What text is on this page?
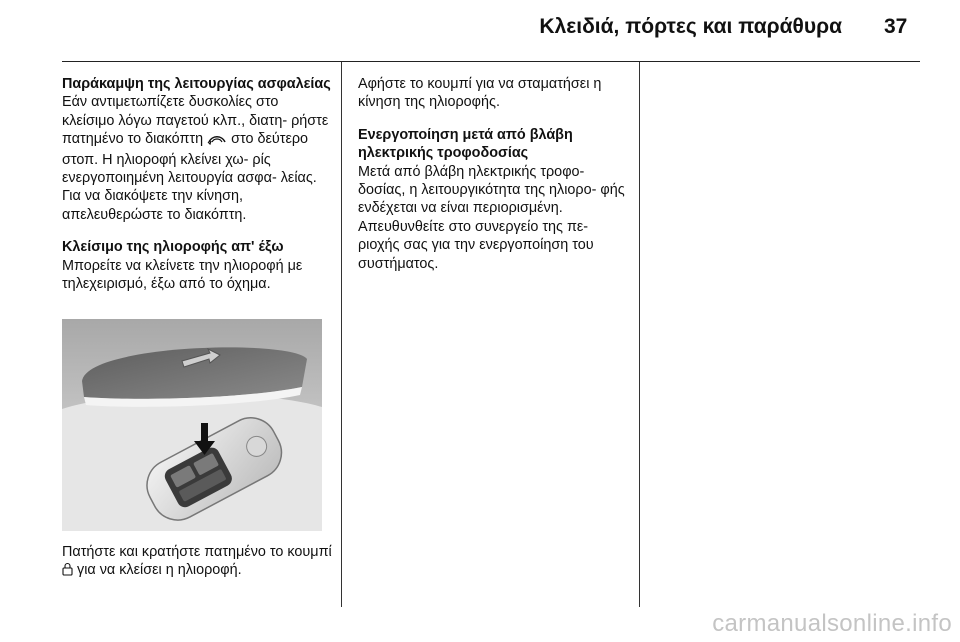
Κλειδιά, πόρτες και παράθυρα 37

Παράκαμψη της λειτουργίας ασφαλείας

Εάν αντιμετωπίζετε δυσκολίες στο κλείσιμο λόγω παγετού κλπ., διατη- ρήστε πατημένο το διακόπτη στο δεύτερο στοπ. Η ηλιοροφή κλείνει χω- ρίς ενεργοποιημένη λειτουργία ασφα- λείας. Για να διακόψετε την κίνηση, απελευθερώστε το διακόπτη.

Κλείσιμο της ηλιοροφής απ' έξω

Μπορείτε να κλείνετε την ηλιοροφή με τηλεχειρισμό, έξω από το όχημα.

Πατήστε και κρατήστε πατημένο το κουμπί  για να κλείσει η ηλιοροφή.

Αφήστε το κουμπί για να σταματήσει η κίνηση της ηλιοροφής.

Ενεργοποίηση μετά από βλάβη ηλεκτρικής τροφοδοσίας

Μετά από βλάβη ηλεκτρικής τροφο- δοσίας, η λειτουργικότητα της ηλιορο- φής ενδέχεται να είναι περιορισμένη. Απευθυνθείτε στο συνεργείο της πε- ριοχής σας για την ενεργοποίηση του συστήματος.

carmanualsonline.info
